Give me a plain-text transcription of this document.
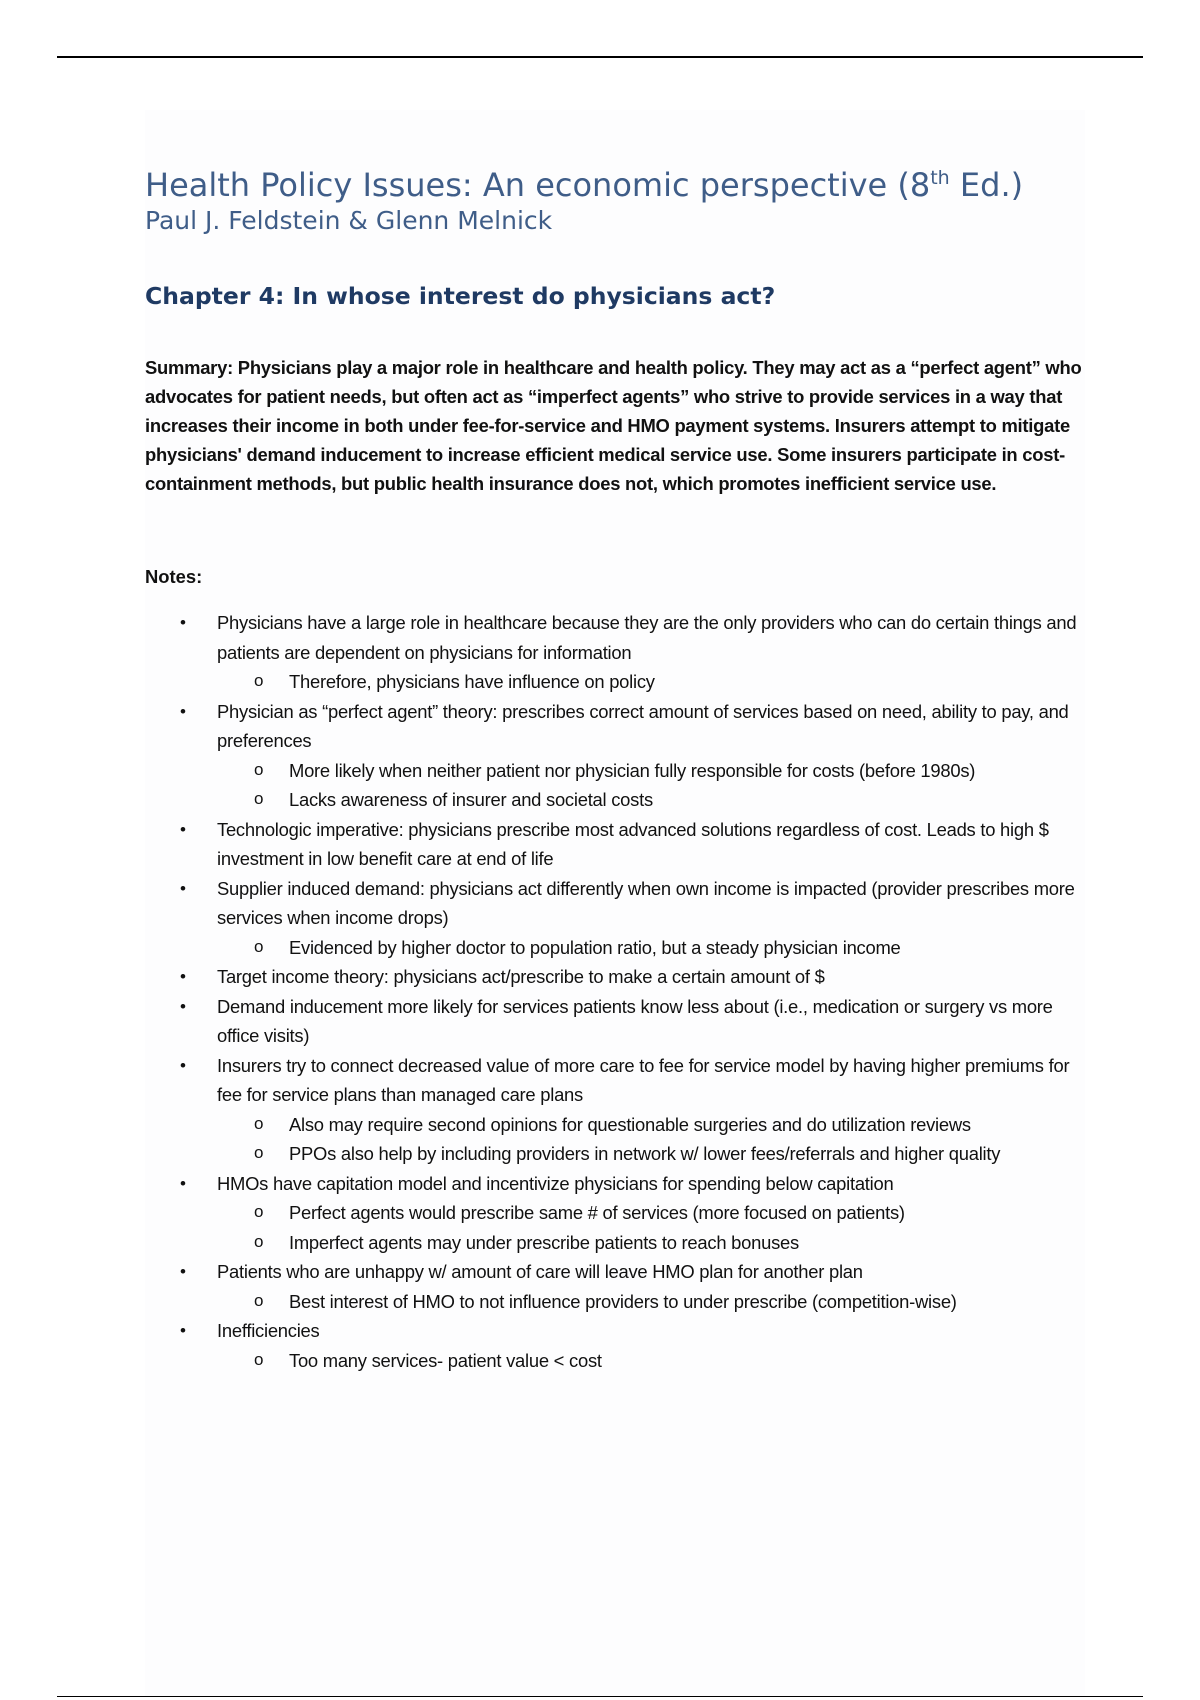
Health Policy Issues: An economic perspective (8th Ed.)

Paul J. Feldstein & Glenn Melnick

Chapter 4: In whose interest do physicians act?

Summary: Physicians play a major role in healthcare and health policy. They may act as a “perfect agent” who advocates for patient needs, but often act as “imperfect agents” who strive to provide services in a way that increases their income in both under fee-for-service and HMO payment systems. Insurers attempt to mitigate physicians' demand inducement to increase efficient medical service use. Some insurers participate in cost-containment methods, but public health insurance does not, which promotes inefficient service use.

Notes:

• Physicians have a large role in healthcare because they are the only providers who can do certain things and patients are dependent on physicians for information
o Therefore, physicians have influence on policy
• Physician as “perfect agent” theory: prescribes correct amount of services based on need, ability to pay, and preferences
o More likely when neither patient nor physician fully responsible for costs (before 1980s)
o Lacks awareness of insurer and societal costs
• Technologic imperative: physicians prescribe most advanced solutions regardless of cost. Leads to high $ investment in low benefit care at end of life
• Supplier induced demand: physicians act differently when own income is impacted (provider prescribes more services when income drops)
o Evidenced by higher doctor to population ratio, but a steady physician income
• Target income theory: physicians act/prescribe to make a certain amount of $
• Demand inducement more likely for services patients know less about (i.e., medication or surgery vs more office visits)
• Insurers try to connect decreased value of more care to fee for service model by having higher premiums for fee for service plans than managed care plans
o Also may require second opinions for questionable surgeries and do utilization reviews
o PPOs also help by including providers in network w/ lower fees/referrals and higher quality
• HMOs have capitation model and incentivize physicians for spending below capitation
o Perfect agents would prescribe same # of services (more focused on patients)
o Imperfect agents may under prescribe patients to reach bonuses
• Patients who are unhappy w/ amount of care will leave HMO plan for another plan
o Best interest of HMO to not influence providers to under prescribe (competition-wise)
• Inefficiencies
o Too many services- patient value < cost
